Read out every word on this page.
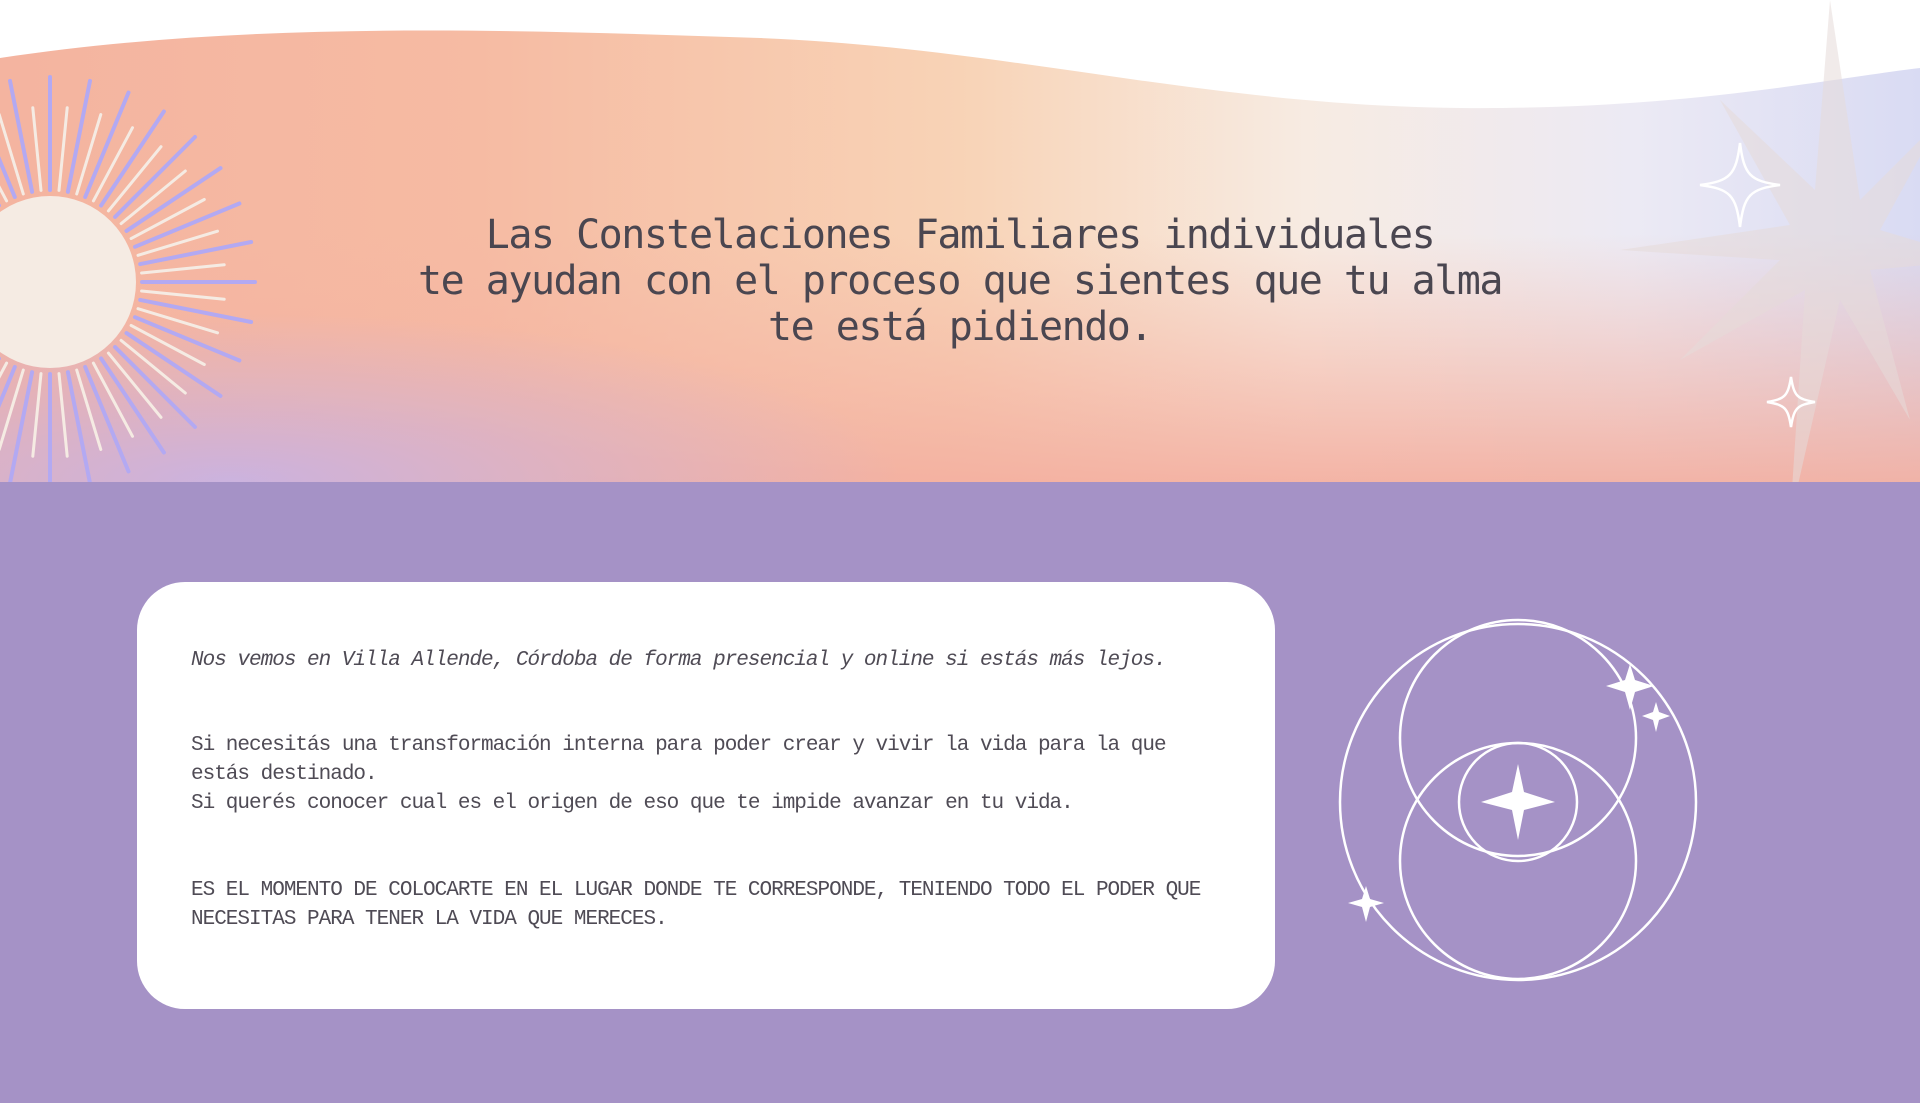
Las Constelaciones Familiares individuales
te ayudan con el proceso que sientes que tu alma
te está pidiendo.

Nos vemos en Villa Allende, Córdoba de forma presencial y online si estás más lejos.

Si necesitás una transformación interna para poder crear y vivir la vida para la que
estás destinado.
Si querés conocer cual es el origen de eso que te impide avanzar en tu vida.

ES EL MOMENTO DE COLOCARTE EN EL LUGAR DONDE TE CORRESPONDE, TENIENDO TODO EL PODER QUE NECESITAS PARA TENER LA VIDA QUE MERECES.
